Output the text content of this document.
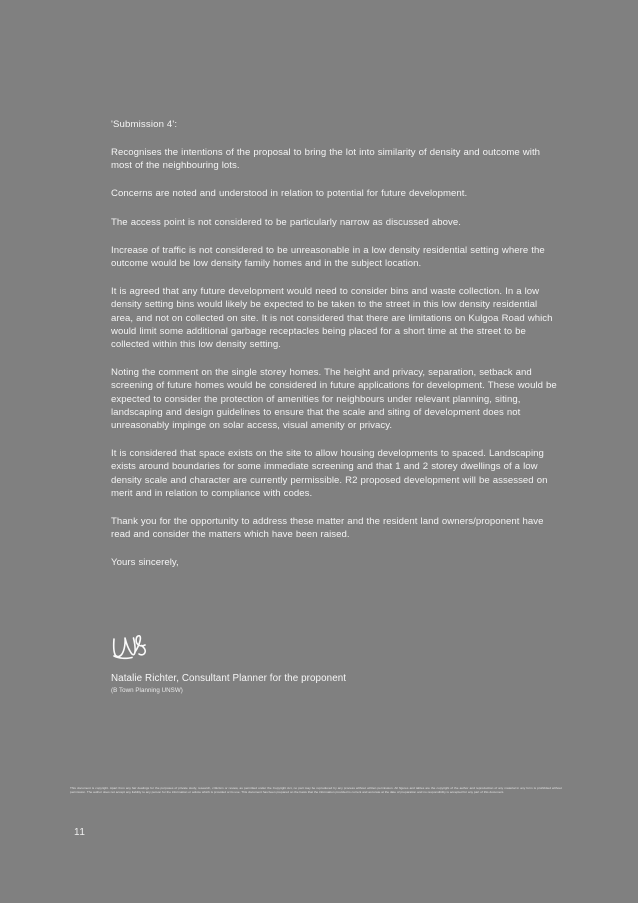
'Submission 4':

Recognises the intentions of the proposal to bring the lot into similarity of density and outcome with most of the neighbouring lots.

Concerns are noted and understood in relation to potential for future development.

The access point is not considered to be particularly narrow as discussed above.

Increase of traffic is not considered to be unreasonable in a low density residential setting where the outcome would be low density family homes and in the subject location.

It is agreed that any future development would need to consider bins and waste collection. In a low density setting bins would likely be expected to be taken to the street in this low density residential area, and not on collected on site. It is not considered that there are limitations on Kulgoa Road which would limit some additional garbage receptacles being placed for a short time at the street to be collected within this low density setting.

Noting the comment on the single storey homes. The height and privacy, separation, setback and screening of future homes would be considered in future applications for development. These would be expected to consider the protection of amenities for neighbours under relevant planning, siting, landscaping and design guidelines to ensure that the scale and siting of development does not unreasonably impinge on solar access, visual amenity or privacy.

It is considered that space exists on the site to allow housing developments to spaced. Landscaping exists around boundaries for some immediate screening and that 1 and 2 storey dwellings of a low density scale and character are currently permissible. R2 proposed development will be assessed on merit and in relation to compliance with codes.

Thank you for the opportunity to address these matter and the resident land owners/proponent have read and consider the matters which have been raised.

Yours sincerely,

Natalie Richter, Consultant Planner for the proponent

(B Town Planning UNSW)

This document is copyright. Apart from any fair dealings for the purposes of private study, research, criticism or review, as permitted under the Copyright Act, no part may be reproduced by any process without written permission. All figures and tables are the copyright of the author and reproduction of any material in any form is prohibited without permission. The author does not accept any liability to any person for the information or advice which is provided or its use. This document has been prepared on the basis that the information provided is current and accurate at the date of preparation and no responsibility is accepted for any part of this document.

11
